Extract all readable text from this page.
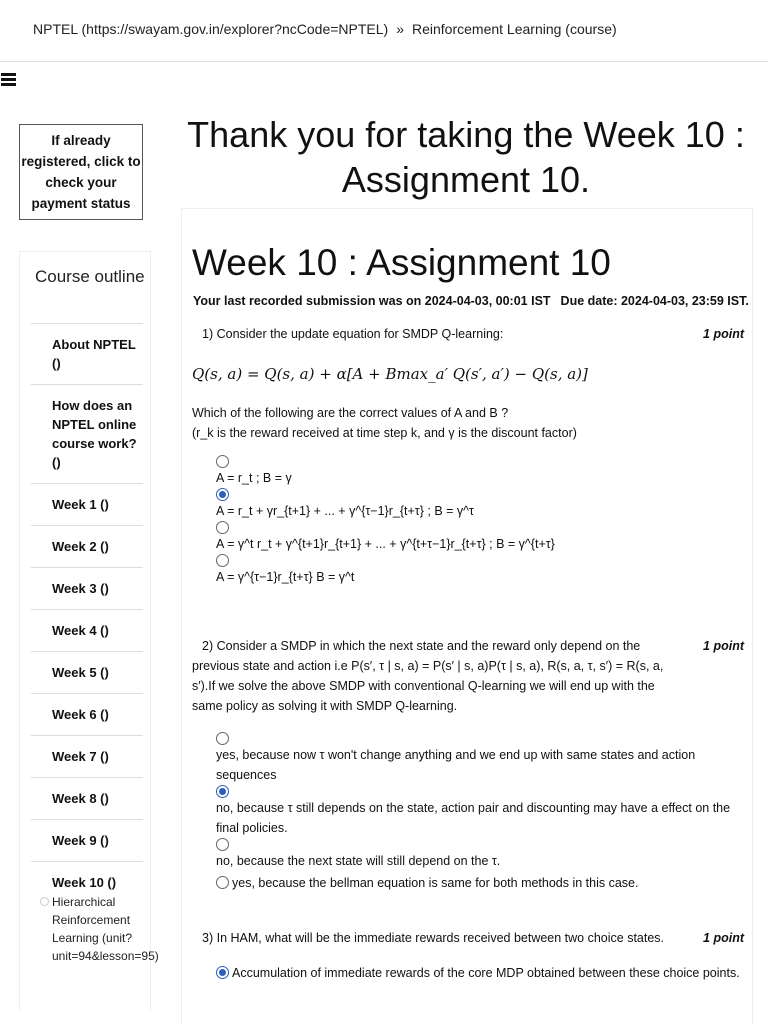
NPTEL (https://swayam.gov.in/explorer?ncCode=NPTEL) » Reinforcement Learning (course)
If already registered, click to check your payment status
Course outline
About NPTEL ()
How does an NPTEL online course work? ()
Week 1 ()
Week 2 ()
Week 3 ()
Week 4 ()
Week 5 ()
Week 6 ()
Week 7 ()
Week 8 ()
Week 9 ()
Week 10 ()
Hierarchical Reinforcement Learning (unit?unit=94&lesson=95)
Thank you for taking the Week 10 : Assignment 10.
Week 10 : Assignment 10
Your last recorded submission was on 2024-04-03, 00:01 IST Due date: 2024-04-03, 23:59 IST.
1) Consider the update equation for SMDP Q-learning:	1 point
Q(s, a) = Q(s, a) + α[A + Bmax_a′ Q(s′, a′) − Q(s, a)]
Which of the following are the correct values of A and B ?
(r_k is the reward received at time step k, and γ is the discount factor)
A = r_t ; B = γ
A = r_t + γr_{t+1} + ... + γ^{τ−1}r_{t+τ} ; B = γ^τ
A = γ^t r_t + γ^{t+1}r_{t+1} + ... + γ^{t+τ−1}r_{t+τ} ; B = γ^{t+τ}
A = γ^{τ−1}r_{t+τ} B = γ^t
2) Consider a SMDP in which the next state and the reward only depend on the previous state and action i.e P(s′, τ | s, a) = P(s′ | s, a)P(τ | s, a), R(s, a, τ, s′) = R(s, a, s′).If we solve the above SMDP with conventional Q-learning we will end up with the same policy as solving it with SMDP Q-learning.
1 point
yes, because now τ won't change anything and we end up with same states and action sequences
no, because τ still depends on the state, action pair and discounting may have a effect on the final policies.
no, because the next state will still depend on the τ.
yes, because the bellman equation is same for both methods in this case.
3) In HAM, what will be the immediate rewards received between two choice states.	1 point
Accumulation of immediate rewards of the core MDP obtained between these choice points.
